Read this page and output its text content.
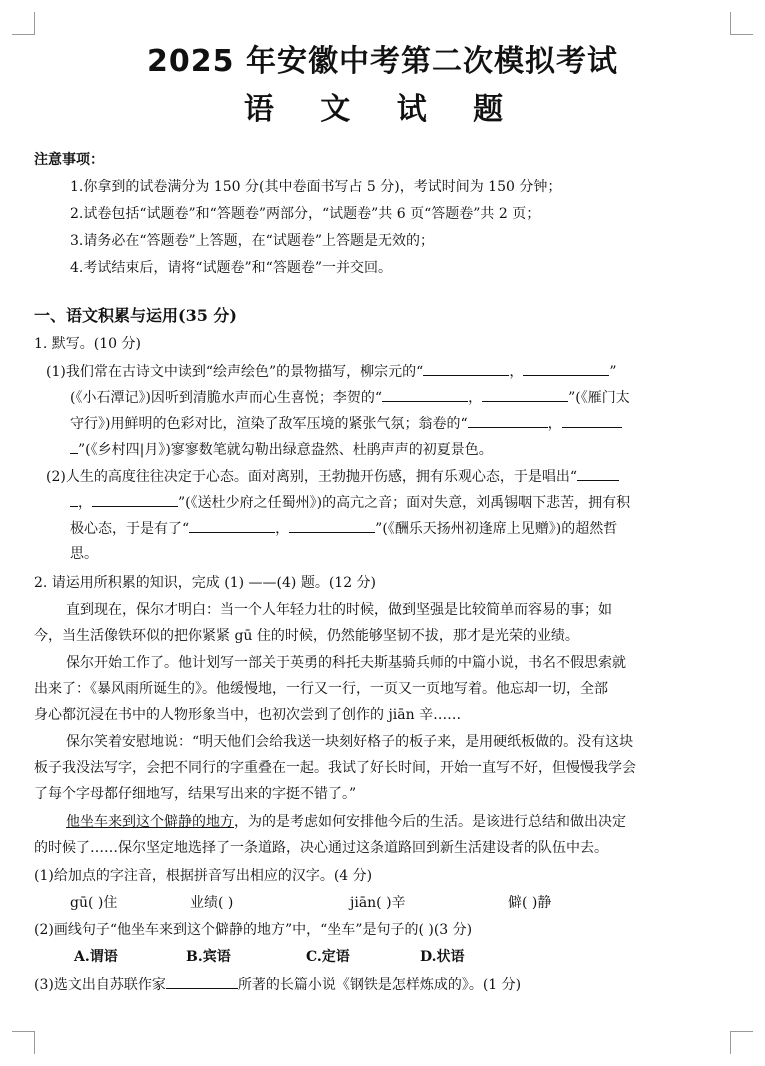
2025 年安徽中考第二次模拟考试
语 文 试 题
注意事项：
1.你拿到的试卷满分为 150 分(其中卷面书写占 5 分)，考试时间为 150 分钟；
2.试卷包括“试题卷”和“答题卷”两部分，“试题卷”共 6 页“答题卷”共 2 页；
3.请务必在“答题卷”上答题，在“试题卷”上答题是无效的；
4.考试结束后，请将“试题卷”和“答题卷”一并交回。
一、语文积累与运用(35 分)
1. 默写。(10 分)
(1)我们常在古诗文中读到“绘声绘色”的景物描写，柳宗元的“	，	”
(《小石潭记》)因听到清脆水声而心生喜悦；李贺的“	，	”(《雁门太
守行》)用鲜明的色彩对比，渲染了敌军压境的紧张气氛；翁卷的“	，
”(《乡村四|月》)寥寥数笔就勾勒出绿意盎然、杜鹃声声的初夏景色。
(2)人生的高度往往决定于心态。面对离别，王勃抛开伤感，拥有乐观心态，于是唱出“
，	”(《送杜少府之任蜀州》)的高亢之音；面对失意，刘禹锡咽下悲苦，拥有积
极心态，于是有了“	，	”(《酬乐天扬州初逢席上见赠》)的超然哲
思。
2. 请运用所积累的知识，完成 (1) ——(4) 题。(12 分)
直到现在，保尔才明白：当一个人年轻力壮的时候，做到坚强是比较简单而容易的事；如
今，当生活像铁环似的把你紧紧 gū 住的时候，仍然能够坚韧不拔，那才是光荣的业绩。
保尔开始工作了。他计划写一部关于英勇的科托夫斯基骑兵师的中篇小说，书名不假思索就
出来了：《暴风雨所诞生的》。他缓慢地，一行又一行，一页又一页地写着。他忘却一切，全部
身心都沉浸在书中的人物形象当中，也初次尝到了创作的 jiān 辛……
保尔笑着安慰地说：“明天他们会给我送一块刻好格子的板子来，是用硬纸板做的。没有这块
板子我没法写字，会把不同行的字重叠在一起。我试了好长时间，开始一直写不好，但慢慢我学会
了每个字母都仔细地写，结果写出来的字挺不错了。”
他坐车来到这个僻静的地方，为的是考虑如何安排他今后的生活。是该进行总结和做出决定
的时候了……保尔坚定地选择了一条道路，决心通过这条道路回到新生活建设者的队伍中去。
(1)给加点的字注音，根据拼音写出相应的汉字。(4 分)
gū( )住	业绩( )	jiān( )辛	僻( )静
(2)画线句子“他坐车来到这个僻静的地方”中，“坐车”是句子的( )(3 分)
A.谓语	B.宾语	C.定语	D.状语
(3)选文出自苏联作家	所著的长篇小说《钢铁是怎样炼成的》。(1 分)
